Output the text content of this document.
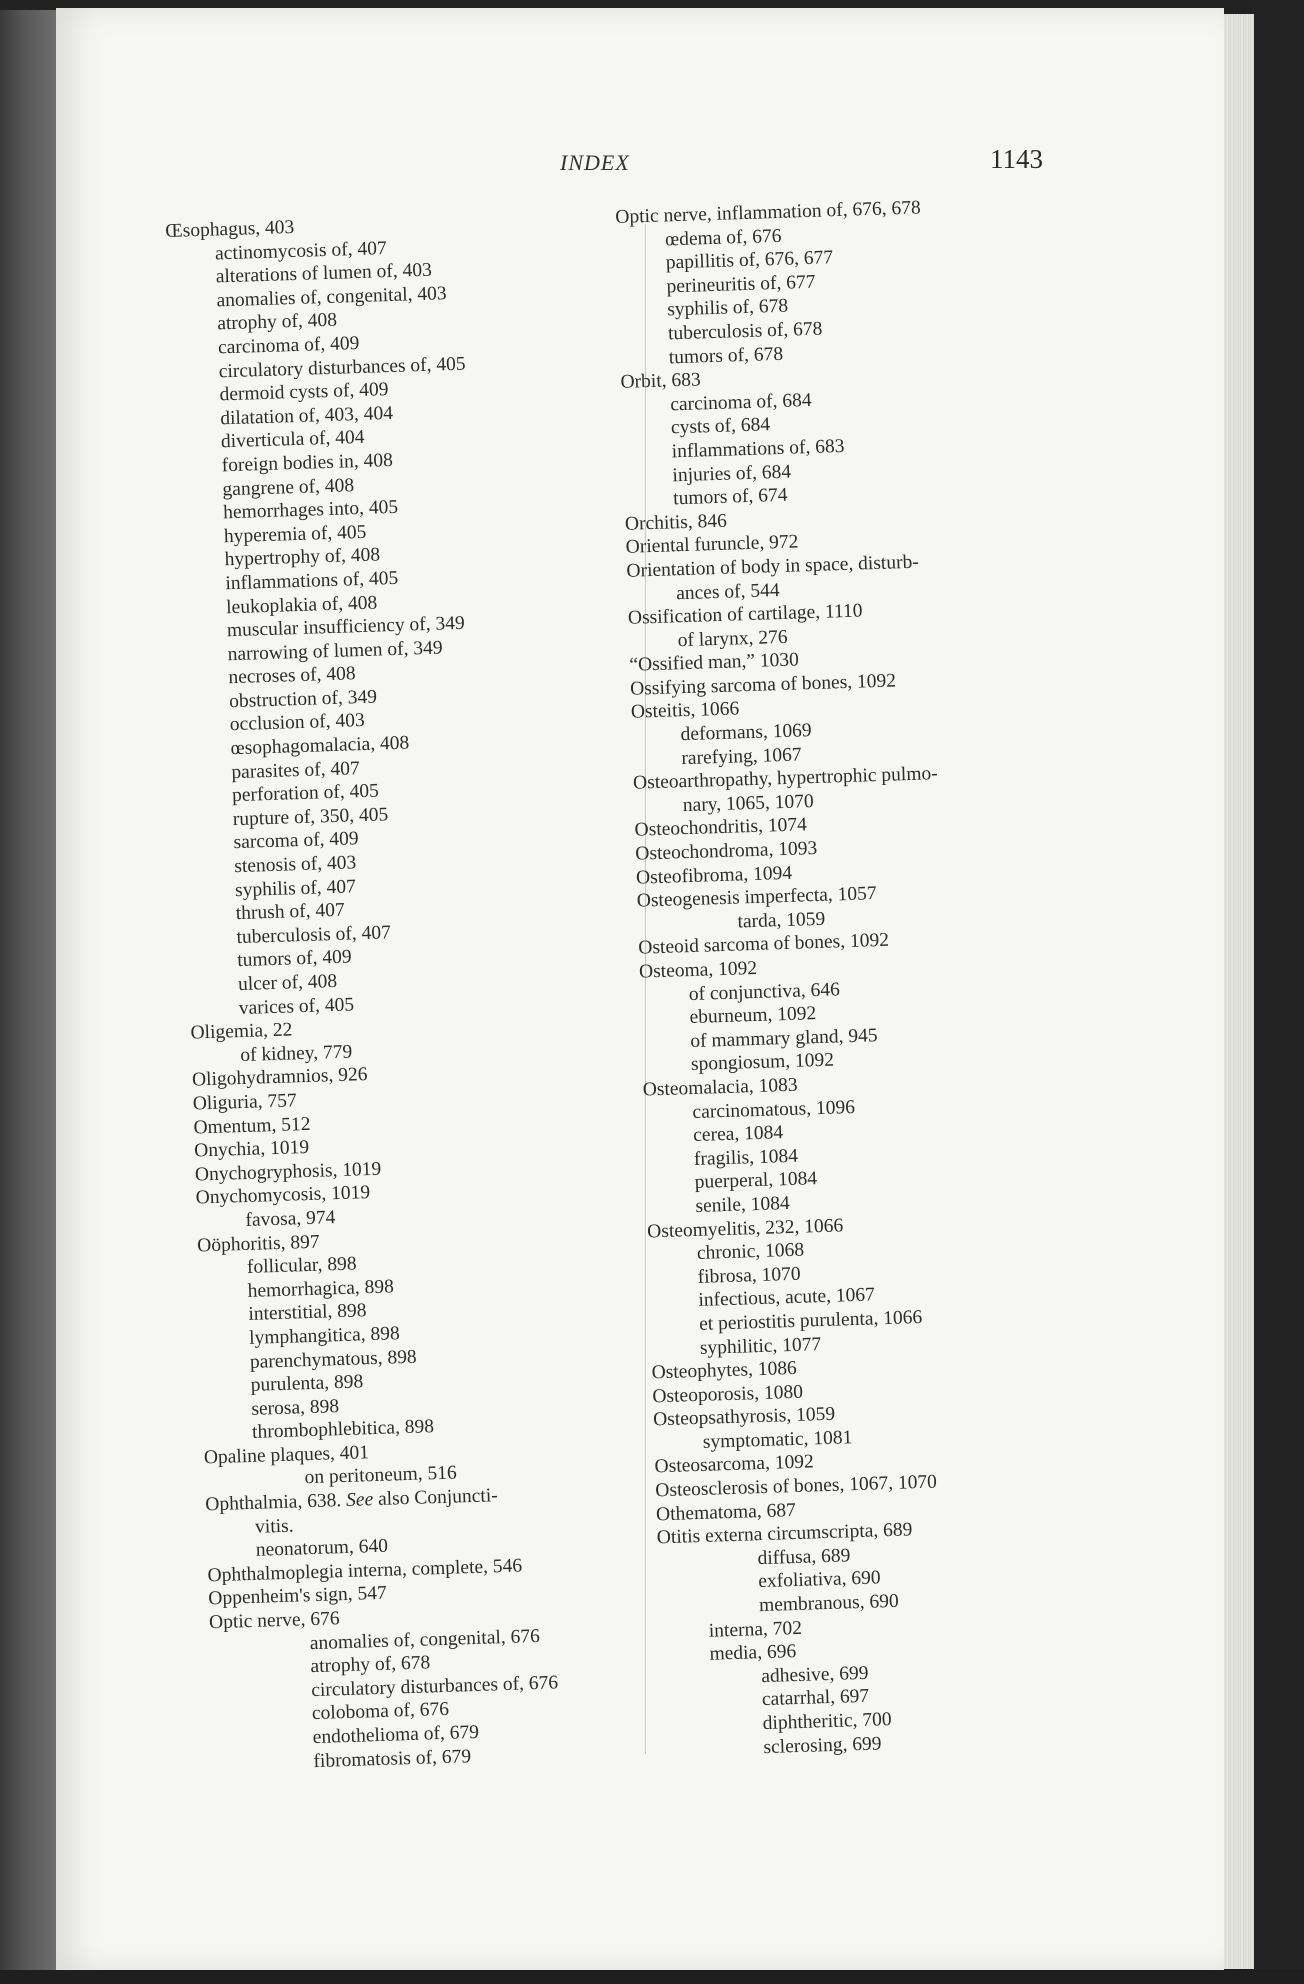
INDEX	1143
Œsophagus, 403
actinomycosis of, 407
alterations of lumen of, 403
anomalies of, congenital, 403
atrophy of, 408
carcinoma of, 409
circulatory disturbances of, 405
dermoid cysts of, 409
dilatation of, 403, 404
diverticula of, 404
foreign bodies in, 408
gangrene of, 408
hemorrhages into, 405
hyperemia of, 405
hypertrophy of, 408
inflammations of, 405
leukoplakia of, 408
muscular insufficiency of, 349
narrowing of lumen of, 349
necroses of, 408
obstruction of, 349
occlusion of, 403
œsophagomalacia, 408
parasites of, 407
perforation of, 405
rupture of, 350, 405
sarcoma of, 409
stenosis of, 403
syphilis of, 407
thrush of, 407
tuberculosis of, 407
tumors of, 409
ulcer of, 408
varices of, 405
Oligemia, 22
of kidney, 779
Oligohydramnios, 926
Oliguria, 757
Omentum, 512
Onychia, 1019
Onychogryphosis, 1019
Onychomycosis, 1019
favosa, 974
Oöphoritis, 897
follicular, 898
hemorrhagica, 898
interstitial, 898
lymphangitica, 898
parenchymatous, 898
purulenta, 898
serosa, 898
thrombophlebitica, 898
Opaline plaques, 401
on peritoneum, 516
Ophthalmia, 638. See also Conjuncti-
vitis.
neonatorum, 640
Ophthalmoplegia interna, complete, 546
Oppenheim's sign, 547
Optic nerve, 676
anomalies of, congenital, 676
atrophy of, 678
circulatory disturbances of, 676
coloboma of, 676
endothelioma of, 679
fibromatosis of, 679
Optic nerve, inflammation of, 676, 678
œdema of, 676
papillitis of, 676, 677
perineuritis of, 677
syphilis of, 678
tuberculosis of, 678
tumors of, 678
Orbit, 683
carcinoma of, 684
cysts of, 684
inflammations of, 683
injuries of, 684
tumors of, 674
Orchitis, 846
Oriental furuncle, 972
Orientation of body in space, disturb-
ances of, 544
Ossification of cartilage, 1110
of larynx, 276
“Ossified man,” 1030
Ossifying sarcoma of bones, 1092
Osteitis, 1066
deformans, 1069
rarefying, 1067
Osteoarthropathy, hypertrophic pulmo-
nary, 1065, 1070
Osteochondritis, 1074
Osteochondroma, 1093
Osteofibroma, 1094
Osteogenesis imperfecta, 1057
tarda, 1059
Osteoid sarcoma of bones, 1092
Osteoma, 1092
of conjunctiva, 646
eburneum, 1092
of mammary gland, 945
spongiosum, 1092
Osteomalacia, 1083
carcinomatous, 1096
cerea, 1084
fragilis, 1084
puerperal, 1084
senile, 1084
Osteomyelitis, 232, 1066
chronic, 1068
fibrosa, 1070
infectious, acute, 1067
et periostitis purulenta, 1066
syphilitic, 1077
Osteophytes, 1086
Osteoporosis, 1080
Osteopsathyrosis, 1059
symptomatic, 1081
Osteosarcoma, 1092
Osteosclerosis of bones, 1067, 1070
Othematoma, 687
Otitis externa circumscripta, 689
diffusa, 689
exfoliativa, 690
membranous, 690
interna, 702
media, 696
adhesive, 699
catarrhal, 697
diphtheritic, 700
sclerosing, 699
